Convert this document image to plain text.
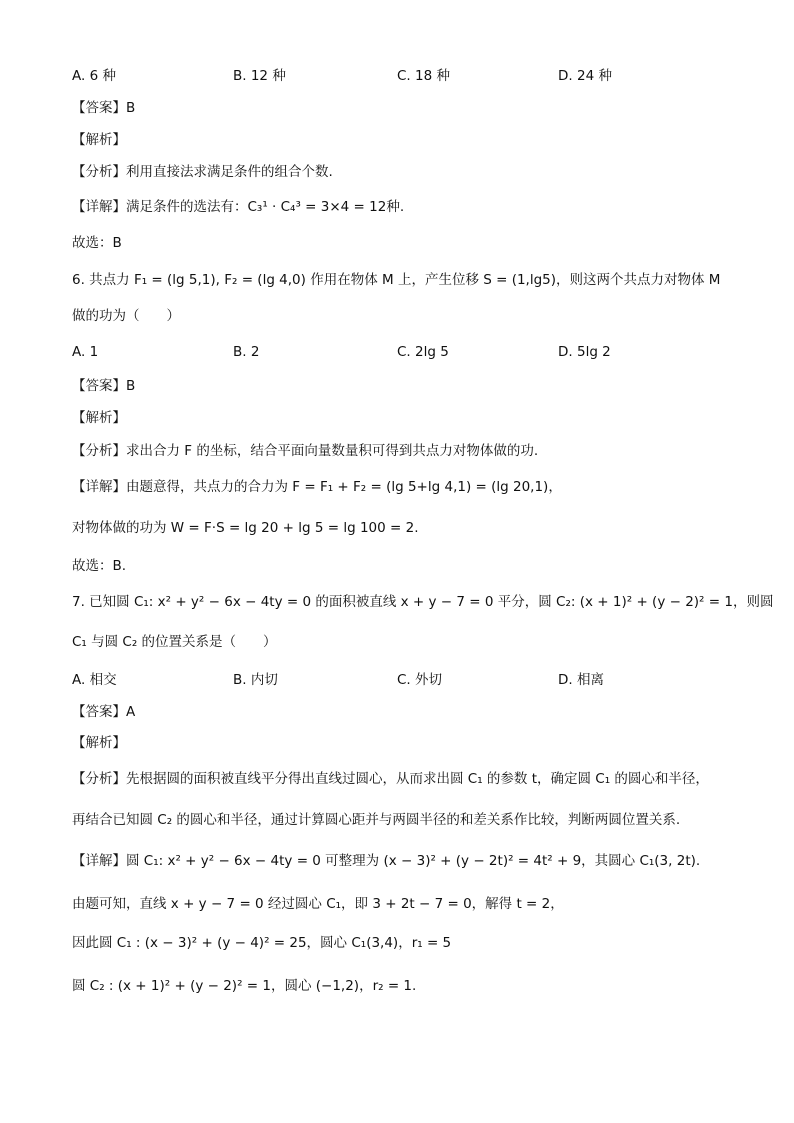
A. 6 种	B. 12 种	C. 18 种	D. 24 种
【答案】B
【解析】
【分析】利用直接法求满足条件的组合个数.
【详解】满足条件的选法有：C₃¹ · C₄³ = 3×4 = 12种.
故选：B
6. 共点力 F₁ = (lg 5,1), F₂ = (lg 4,0) 作用在物体 M 上，产生位移 S = (1,lg5)，则这两个共点力对物体 M
做的功为（　　）
A. 1	B. 2	C. 2lg 5	D. 5lg 2
【答案】B
【解析】
【分析】求出合力 F 的坐标，结合平面向量数量积可得到共点力对物体做的功.
【详解】由题意得，共点力的合力为 F = F₁ + F₂ = (lg 5+lg 4,1) = (lg 20,1)，
对物体做的功为 W = F·S = lg 20 + lg 5 = lg 100 = 2.
故选：B.
7. 已知圆 C₁: x² + y² − 6x − 4ty = 0 的面积被直线 x + y − 7 = 0 平分，圆 C₂: (x + 1)² + (y − 2)² = 1，则圆
C₁ 与圆 C₂ 的位置关系是（　　）
A. 相交	B. 内切	C. 外切	D. 相离
【答案】A
【解析】
【分析】先根据圆的面积被直线平分得出直线过圆心，从而求出圆 C₁ 的参数 t，确定圆 C₁ 的圆心和半径，
再结合已知圆 C₂ 的圆心和半径，通过计算圆心距并与两圆半径的和差关系作比较，判断两圆位置关系.
【详解】圆 C₁: x² + y² − 6x − 4ty = 0 可整理为 (x − 3)² + (y − 2t)² = 4t² + 9，其圆心 C₁(3, 2t).
由题可知，直线 x + y − 7 = 0 经过圆心 C₁，即 3 + 2t − 7 = 0，解得 t = 2，
因此圆 C₁ : (x − 3)² + (y − 4)² = 25，圆心 C₁(3,4)，r₁ = 5
圆 C₂ : (x + 1)² + (y − 2)² = 1，圆心 (−1,2)，r₂ = 1.
